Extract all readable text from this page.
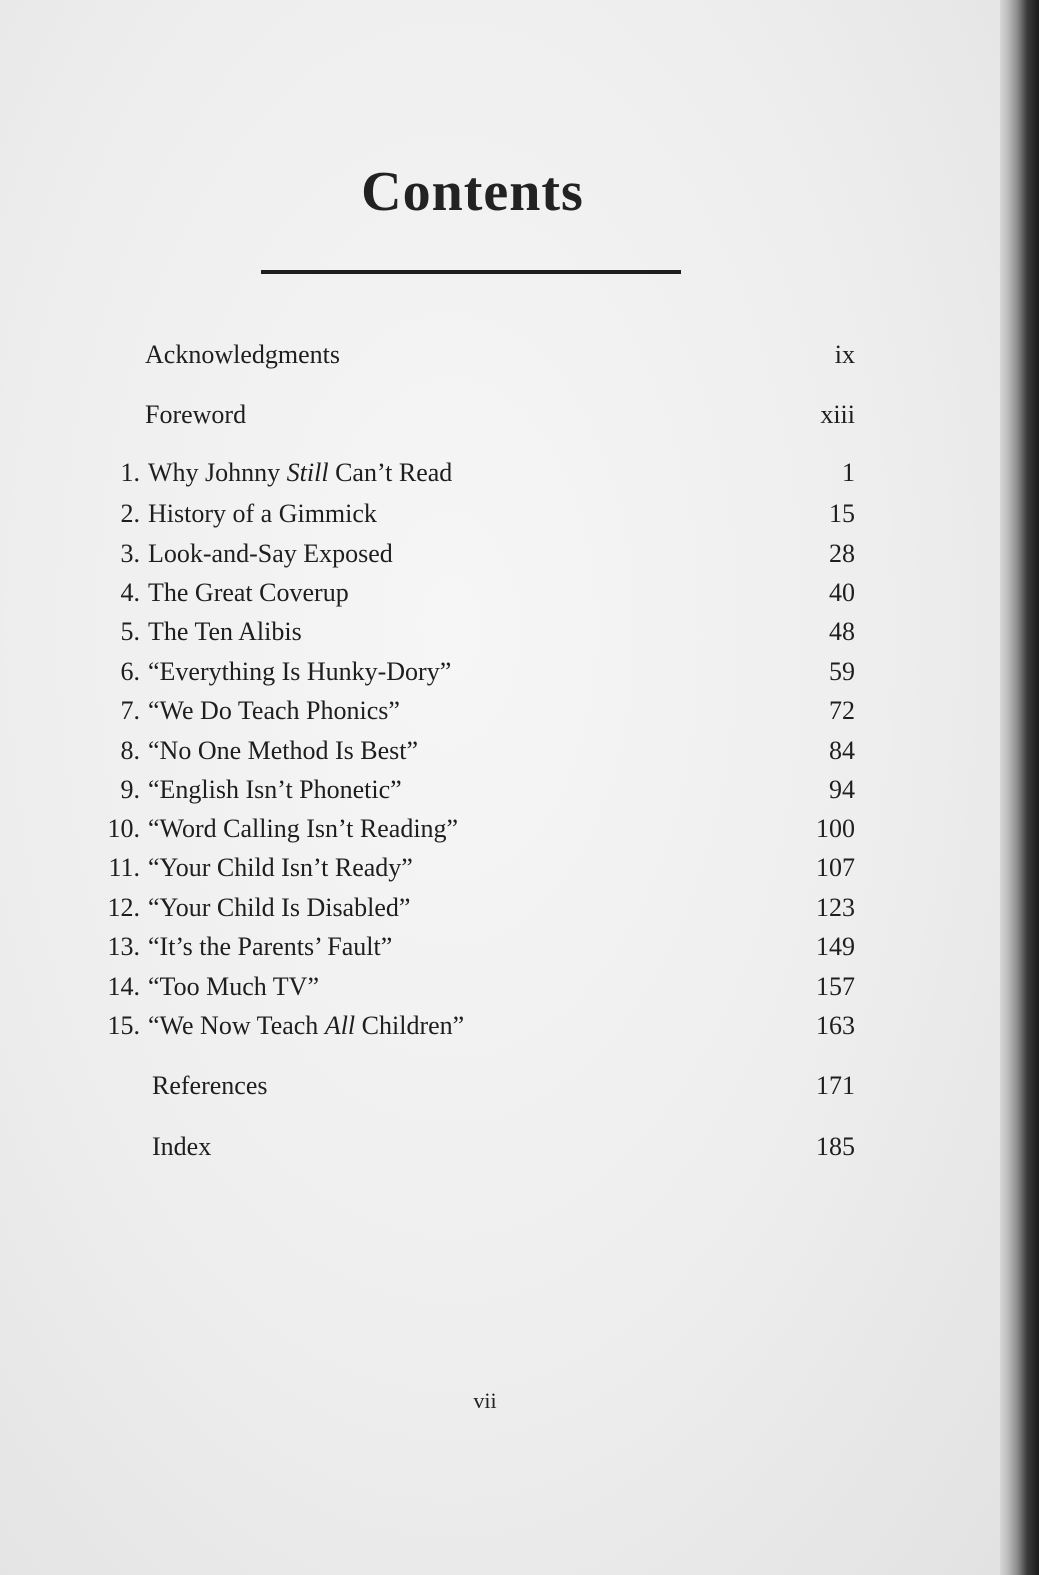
Contents
Acknowledgments	ix
Foreword	xiii
1. Why Johnny Still Can’t Read	1
2. History of a Gimmick	15
3. Look-and-Say Exposed	28
4. The Great Coverup	40
5. The Ten Alibis	48
6. “Everything Is Hunky-Dory”	59
7. “We Do Teach Phonics”	72
8. “No One Method Is Best”	84
9. “English Isn’t Phonetic”	94
10. “Word Calling Isn’t Reading”	100
11. “Your Child Isn’t Ready”	107
12. “Your Child Is Disabled”	123
13. “It’s the Parents’ Fault”	149
14. “Too Much TV”	157
15. “We Now Teach All Children”	163
References	171
Index	185
vii
